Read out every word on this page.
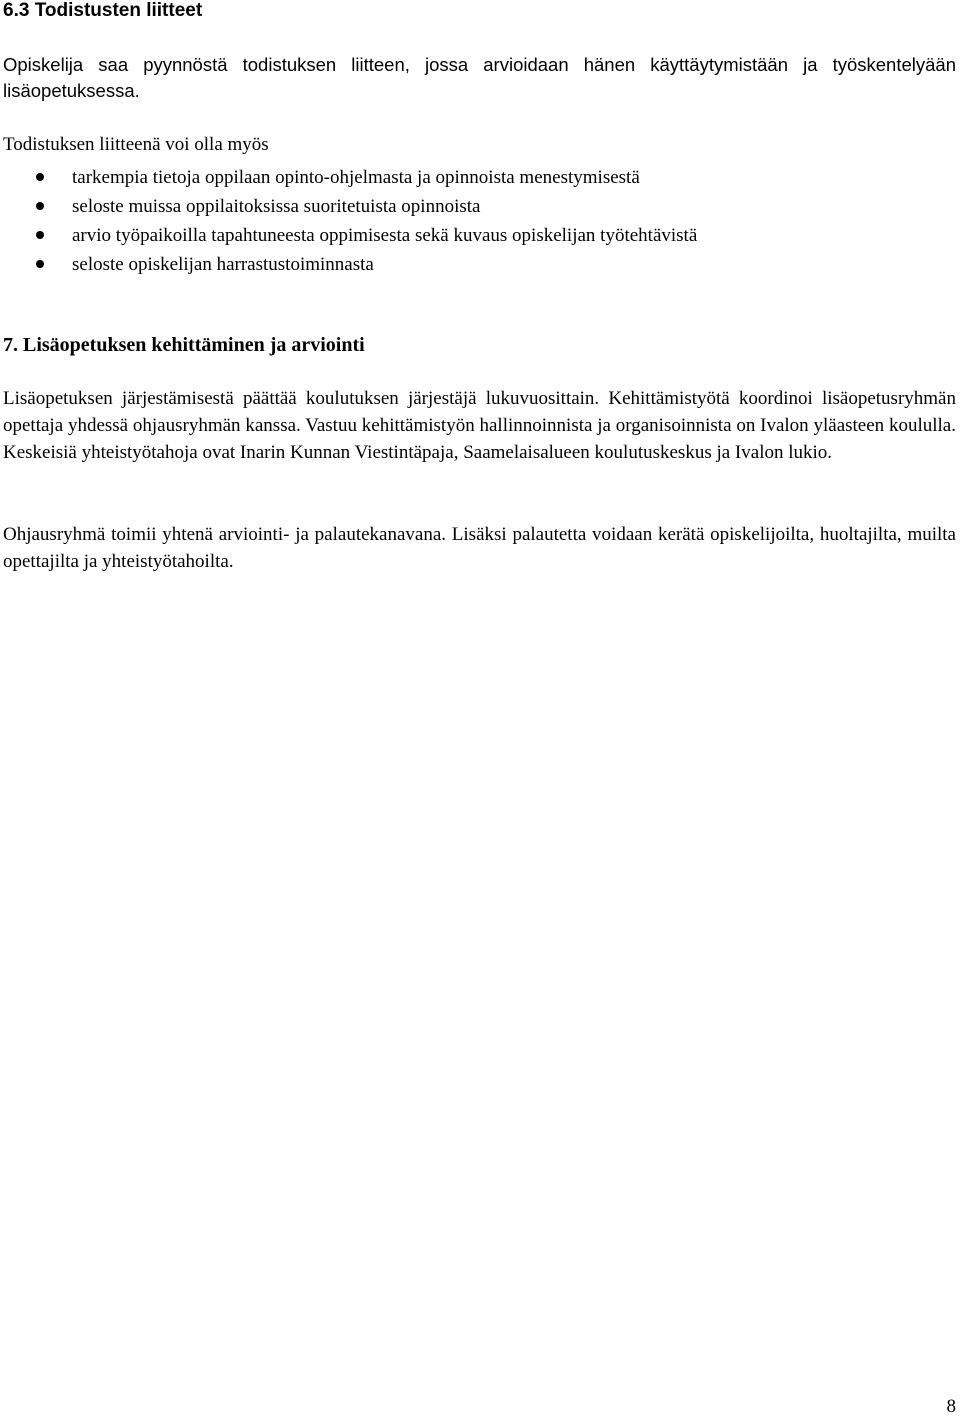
6.3 Todistusten liitteet

Opiskelija saa pyynnöstä todistuksen liitteen, jossa arvioidaan hänen käyttäytymistään ja työskentelyään lisäopetuksessa.

Todistuksen liitteenä voi olla myös

tarkempia tietoja oppilaan opinto-ohjelmasta ja opinnoista menestymisestä
seloste muissa oppilaitoksissa suoritetuista opinnoista
arvio työpaikoilla tapahtuneesta oppimisesta sekä kuvaus opiskelijan työtehtävistä
seloste opiskelijan harrastustoiminnasta
7. Lisäopetuksen kehittäminen ja arviointi

Lisäopetuksen järjestämisestä päättää koulutuksen järjestäjä lukuvuosittain. Kehittämistyötä koordinoi lisäopetusryhmän opettaja yhdessä ohjausryhmän kanssa. Vastuu kehittämistyön hallinnoinnista ja organisoinnista on Ivalon yläasteen koululla. Keskeisiä yhteistyötahoja ovat Inarin Kunnan Viestintäpaja, Saamelaisalueen koulutuskeskus ja Ivalon lukio.

Ohjausryhmä toimii yhtenä arviointi- ja palautekanavana. Lisäksi palautetta voidaan kerätä opiskelijoilta, huoltajilta, muilta opettajilta ja yhteistyötahoilta.

8
